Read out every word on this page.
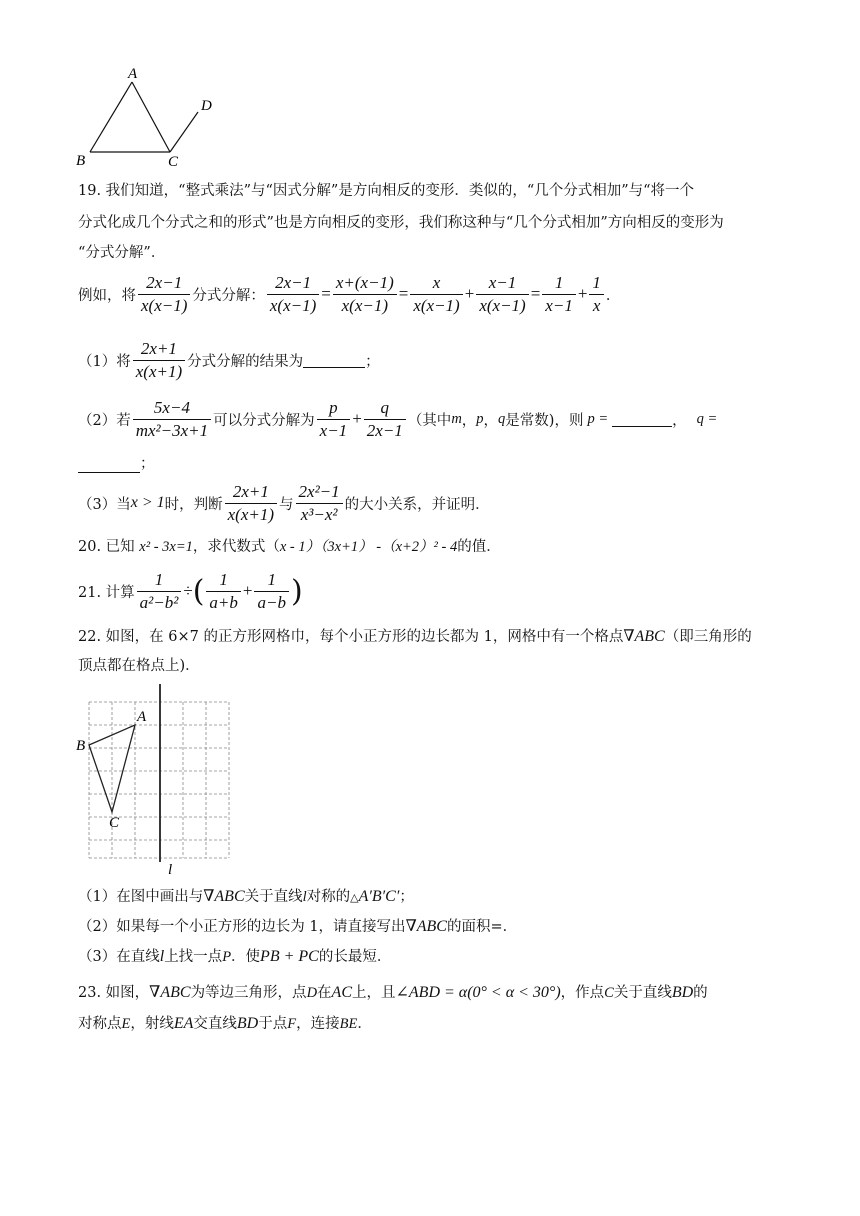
A
B	C
D
19. 我们知道，“整式乘法”与“因式分解”是方向相反的变形．类似的，“几个分式相加”与“将一个
分式化成几个分式之和的形式”也是方向相反的变形，我们称这种与“几个分式相加”方向相反的变形为
“分式分解”．
例如，将 $\frac{2x-1}{x(x-1)}$ 分式分解： $\frac{2x-1}{x(x-1)} = \frac{x+(x-1)}{x(x-1)} = \frac{x}{x(x-1)} + \frac{x-1}{x(x-1)} = \frac{1}{x-1} + \frac{1}{x}$ ．
（1）将 $\frac{2x+1}{x(x+1)}$ 分式分解的结果为	；
（2）若 $\frac{5x-4}{\text{mx²−3x+1}}$ 可以分式分解为 $\frac{p}{x-1} + \frac{q}{2x-1}$ （其中 m ， p ， q 是常数)，则 p =	， q =
；
（3）当 x > 1 时，判断 $\frac{2x+1}{x(x+1)}$ 与 $\frac{\text{2x²−1}}{\text{x³−x²}}$ 的大小关系，并证明．
20. 已知 x² - 3x=1，求代数式（x - 1）（3x+1） -（x+2）² - 4的值．
21. 计算 $\frac{1}{\text{a²−b²}}$ ÷ ( $\frac{1}{a+b} + \frac{1}{a-b}$ )
22. 如图，在 6×7 的正方形网格巾，每个小正方形的边长都为 1，网格中有一个格点∇ABC（即三角形的
顶点都在格点上)．
A
B
C
l
（1）在图中画出与∇ABC关于直线l对称的△A′B′C′；
（2）如果每一个小正方形的边长为 1，请直接写出∇ABC的面积=．
（3）在直线l上找一点P．使PB + PC的长最短．
23. 如图，∇ABC为等边三角形，点D在AC上，且∠ABD = α(0° < α < 30°)，作点C关于直线BD的
对称点E，射线EA交直线BD于点F，连接BE．
